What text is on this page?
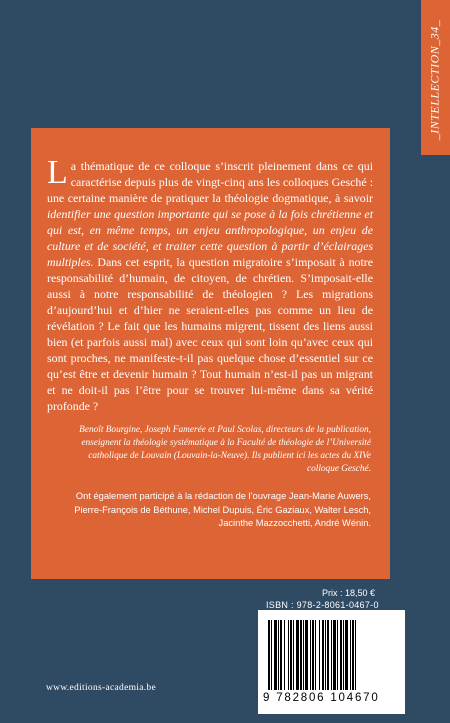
_INTELLECTION_34_

La thématique de ce colloque s’inscrit pleinement dans ce qui caractérise depuis plus de vingt-cinq ans les colloques Gesché : une certaine manière de pratiquer la théologie dogmatique, à savoir identifier une question importante qui se pose à la fois chrétienne et qui est, en même temps, un enjeu anthropologique, un enjeu de culture et de société, et traiter cette question à partir d’éclairages multiples. Dans cet esprit, la question migratoire s’imposait à notre responsabilité d’humain, de citoyen, de chrétien. S’imposait-elle aussi à notre responsabilité de théologien ? Les migrations d’aujourd’hui et d’hier ne seraient-elles pas comme un lieu de révélation ? Le fait que les humains migrent, tissent des liens aussi bien (et parfois aussi mal) avec ceux qui sont loin qu’avec ceux qui sont proches, ne manifeste-t-il pas quelque chose d’essentiel sur ce qu’est être et devenir humain ? Tout humain n’est-il pas un migrant et ne doit-il pas l’être pour se trouver lui-même dans sa vérité profonde ?

Benoît Bourgine, Joseph Famerée et Paul Scolas, directeurs de la publication, enseignent la théologie systématique à la Faculté de théologie de l’Université catholique de Louvain (Louvain-la-Neuve). Ils publient ici les actes du XIVe colloque Gesché.

Ont également participé à la rédaction de l’ouvrage Jean-Marie Auwers, Pierre-François de Béthune, Michel Dupuis, Éric Gaziaux, Walter Lesch, Jacinthe Mazzocchetti, André Wénin.

Prix : 18,50 €
ISBN : 978-2-8061-0467-0
9 782806 104670
www.editions-academia.be
